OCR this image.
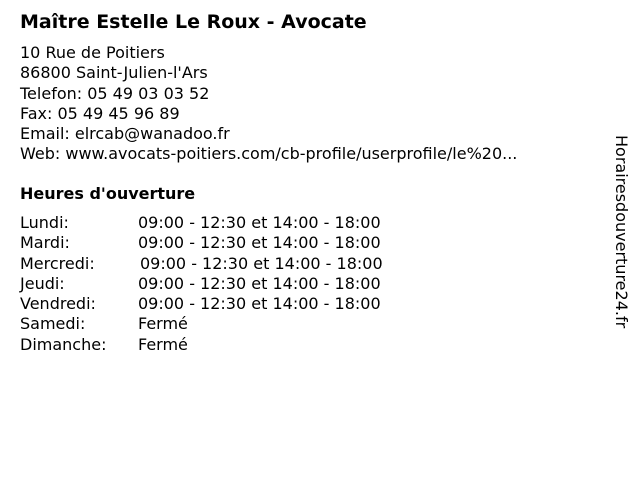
Maître Estelle Le Roux - Avocate
10 Rue de Poitiers
86800 Saint-Julien-l'Ars
Telefon: 05 49 03 03 52
Fax: 05 49 45 96 89
Email: elrcab@wanadoo.fr
Web: www.avocats-poitiers.com/cb-profile/userprofile/le%20...
Heures d'ouverture
Lundi:	09:00 - 12:30 et 14:00 - 18:00
Mardi:	09:00 - 12:30 et 14:00 - 18:00
Mercredi:	09:00 - 12:30 et 14:00 - 18:00
Jeudi:	09:00 - 12:30 et 14:00 - 18:00
Vendredi:	09:00 - 12:30 et 14:00 - 18:00
Samedi:	Fermé
Dimanche: Fermé
Horairesdouverture24.fr
